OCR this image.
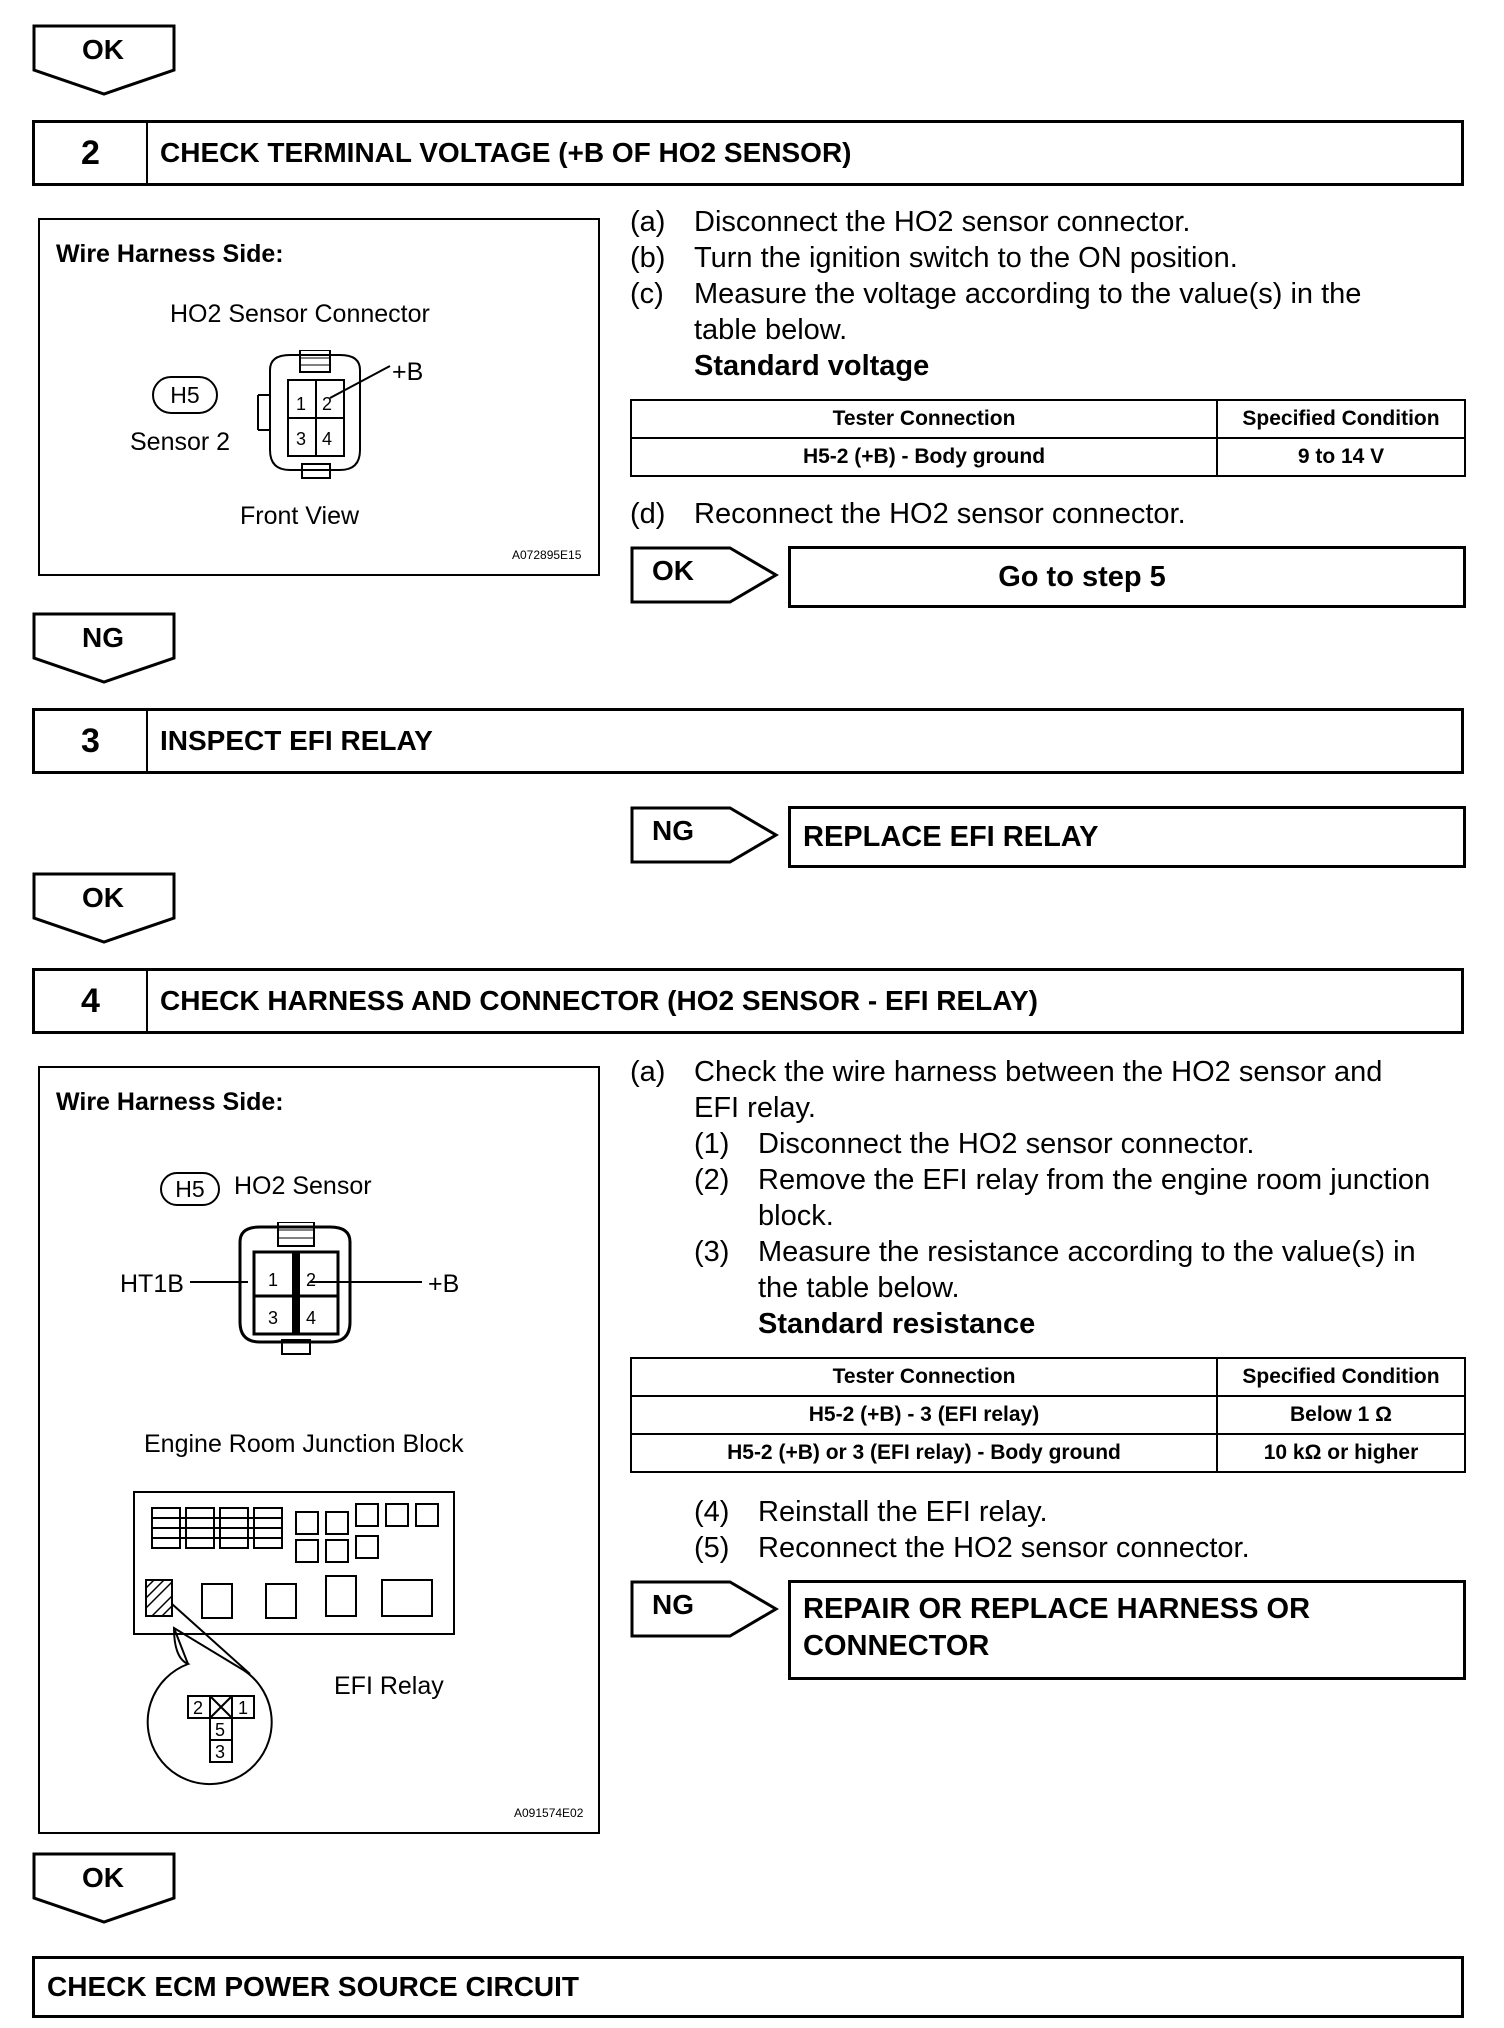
OK
2	CHECK TERMINAL VOLTAGE (+B OF HO2 SENSOR)
Wire Harness Side:
HO2 Sensor Connector
H5
Sensor 2
1 2
3 4
+B
Front View
A072895E15
(a) Disconnect the HO2 sensor connector.
(b) Turn the ignition switch to the ON position.
(c) Measure the voltage according to the value(s) in the
table below.
Standard voltage
Tester Connection	Specified Condition
H5-2 (+B) - Body ground	9 to 14 V
(d) Reconnect the HO2 sensor connector.
OK	Go to step 5
NG
3	INSPECT EFI RELAY
NG	REPLACE EFI RELAY
OK
4	CHECK HARNESS AND CONNECTOR (HO2 SENSOR - EFI RELAY)
Wire Harness Side:
H5 HO2 Sensor
HT1B	+B
1 2
3 4
Engine Room Junction Block
2 1
5
3
EFI Relay
A091574E02
(a) Check the wire harness between the HO2 sensor and
EFI relay.
(1) Disconnect the HO2 sensor connector.
(2) Remove the EFI relay from the engine room junction
block.
(3) Measure the resistance according to the value(s) in
the table below.
Standard resistance
Tester Connection	Specified Condition
H5-2 (+B) - 3 (EFI relay)	Below 1 Ω
H5-2 (+B) or 3 (EFI relay) - Body ground	10 kΩ or higher
(4) Reinstall the EFI relay.
(5) Reconnect the HO2 sensor connector.
NG	REPAIR OR REPLACE HARNESS OR
CONNECTOR
OK
CHECK ECM POWER SOURCE CIRCUIT
